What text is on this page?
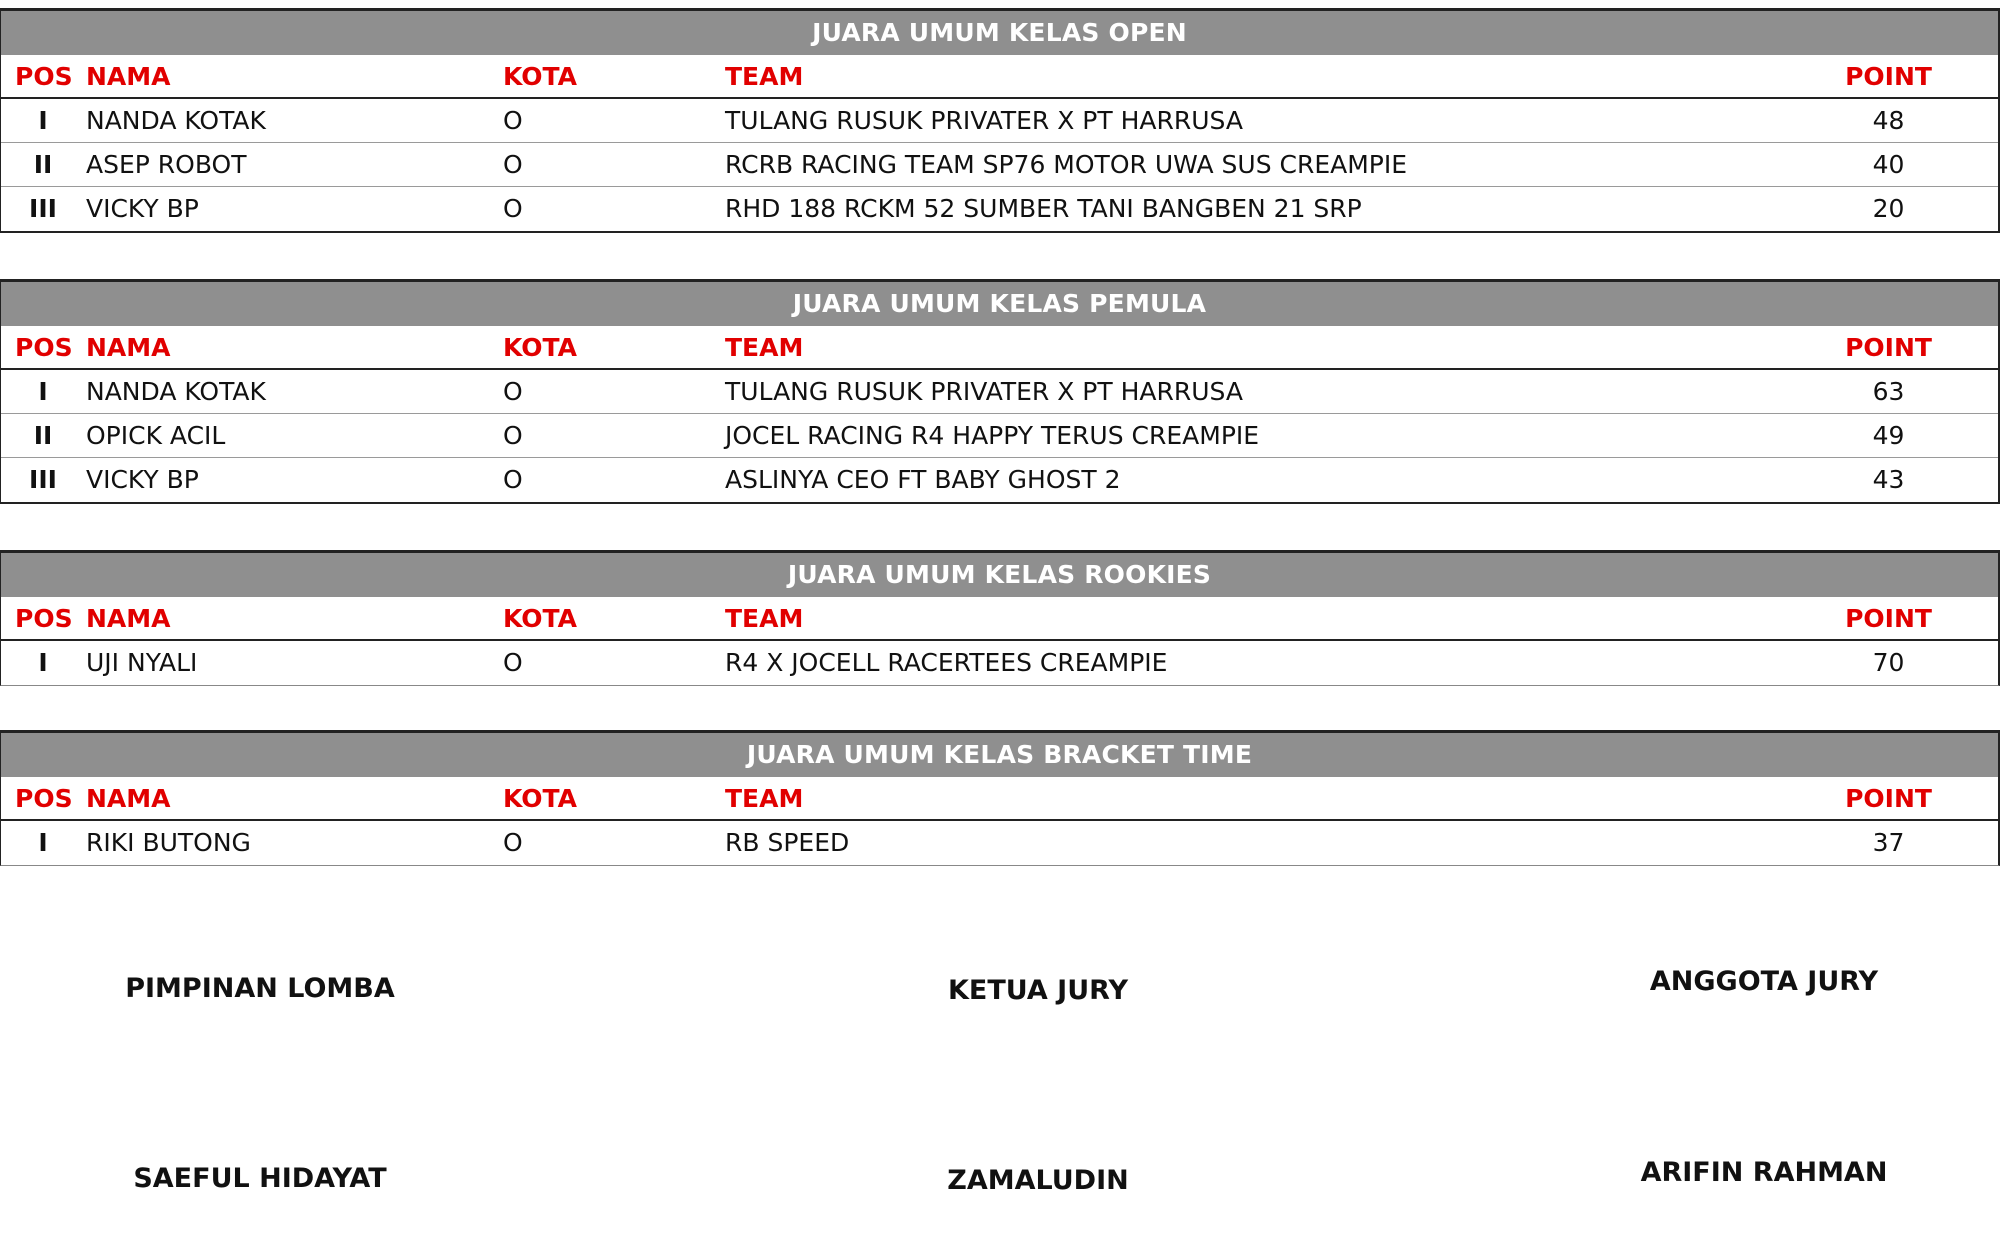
JUARA UMUM KELAS OPEN
POS NAMA	KOTA	TEAM	POINT
I	NANDA KOTAK	O	TULANG RUSUK PRIVATER X PT HARRUSA	48
II	ASEP ROBOT	O	RCRB RACING TEAM SP76 MOTOR UWA SUS CREAMPIE	40
III	VICKY BP	O	RHD 188 RCKM 52 SUMBER TANI BANGBEN 21 SRP	20
JUARA UMUM KELAS PEMULA
POS NAMA	KOTA	TEAM	POINT
I	NANDA KOTAK	O	TULANG RUSUK PRIVATER X PT HARRUSA	63
II	OPICK ACIL	O	JOCEL RACING R4 HAPPY TERUS CREAMPIE	49
III	VICKY BP	O	ASLINYA CEO FT BABY GHOST 2	43
JUARA UMUM KELAS ROOKIES
POS NAMA	KOTA	TEAM	POINT
I	UJI NYALI	O	R4 X JOCELL RACERTEES CREAMPIE	70
JUARA UMUM KELAS BRACKET TIME
POS NAMA	KOTA	TEAM	POINT
I	RIKI BUTONG	O	RB SPEED	37
PIMPINAN LOMBA	KETUA JURY	ANGGOTA JURY
SAEFUL HIDAYAT	ZAMALUDIN	ARIFIN RAHMAN
